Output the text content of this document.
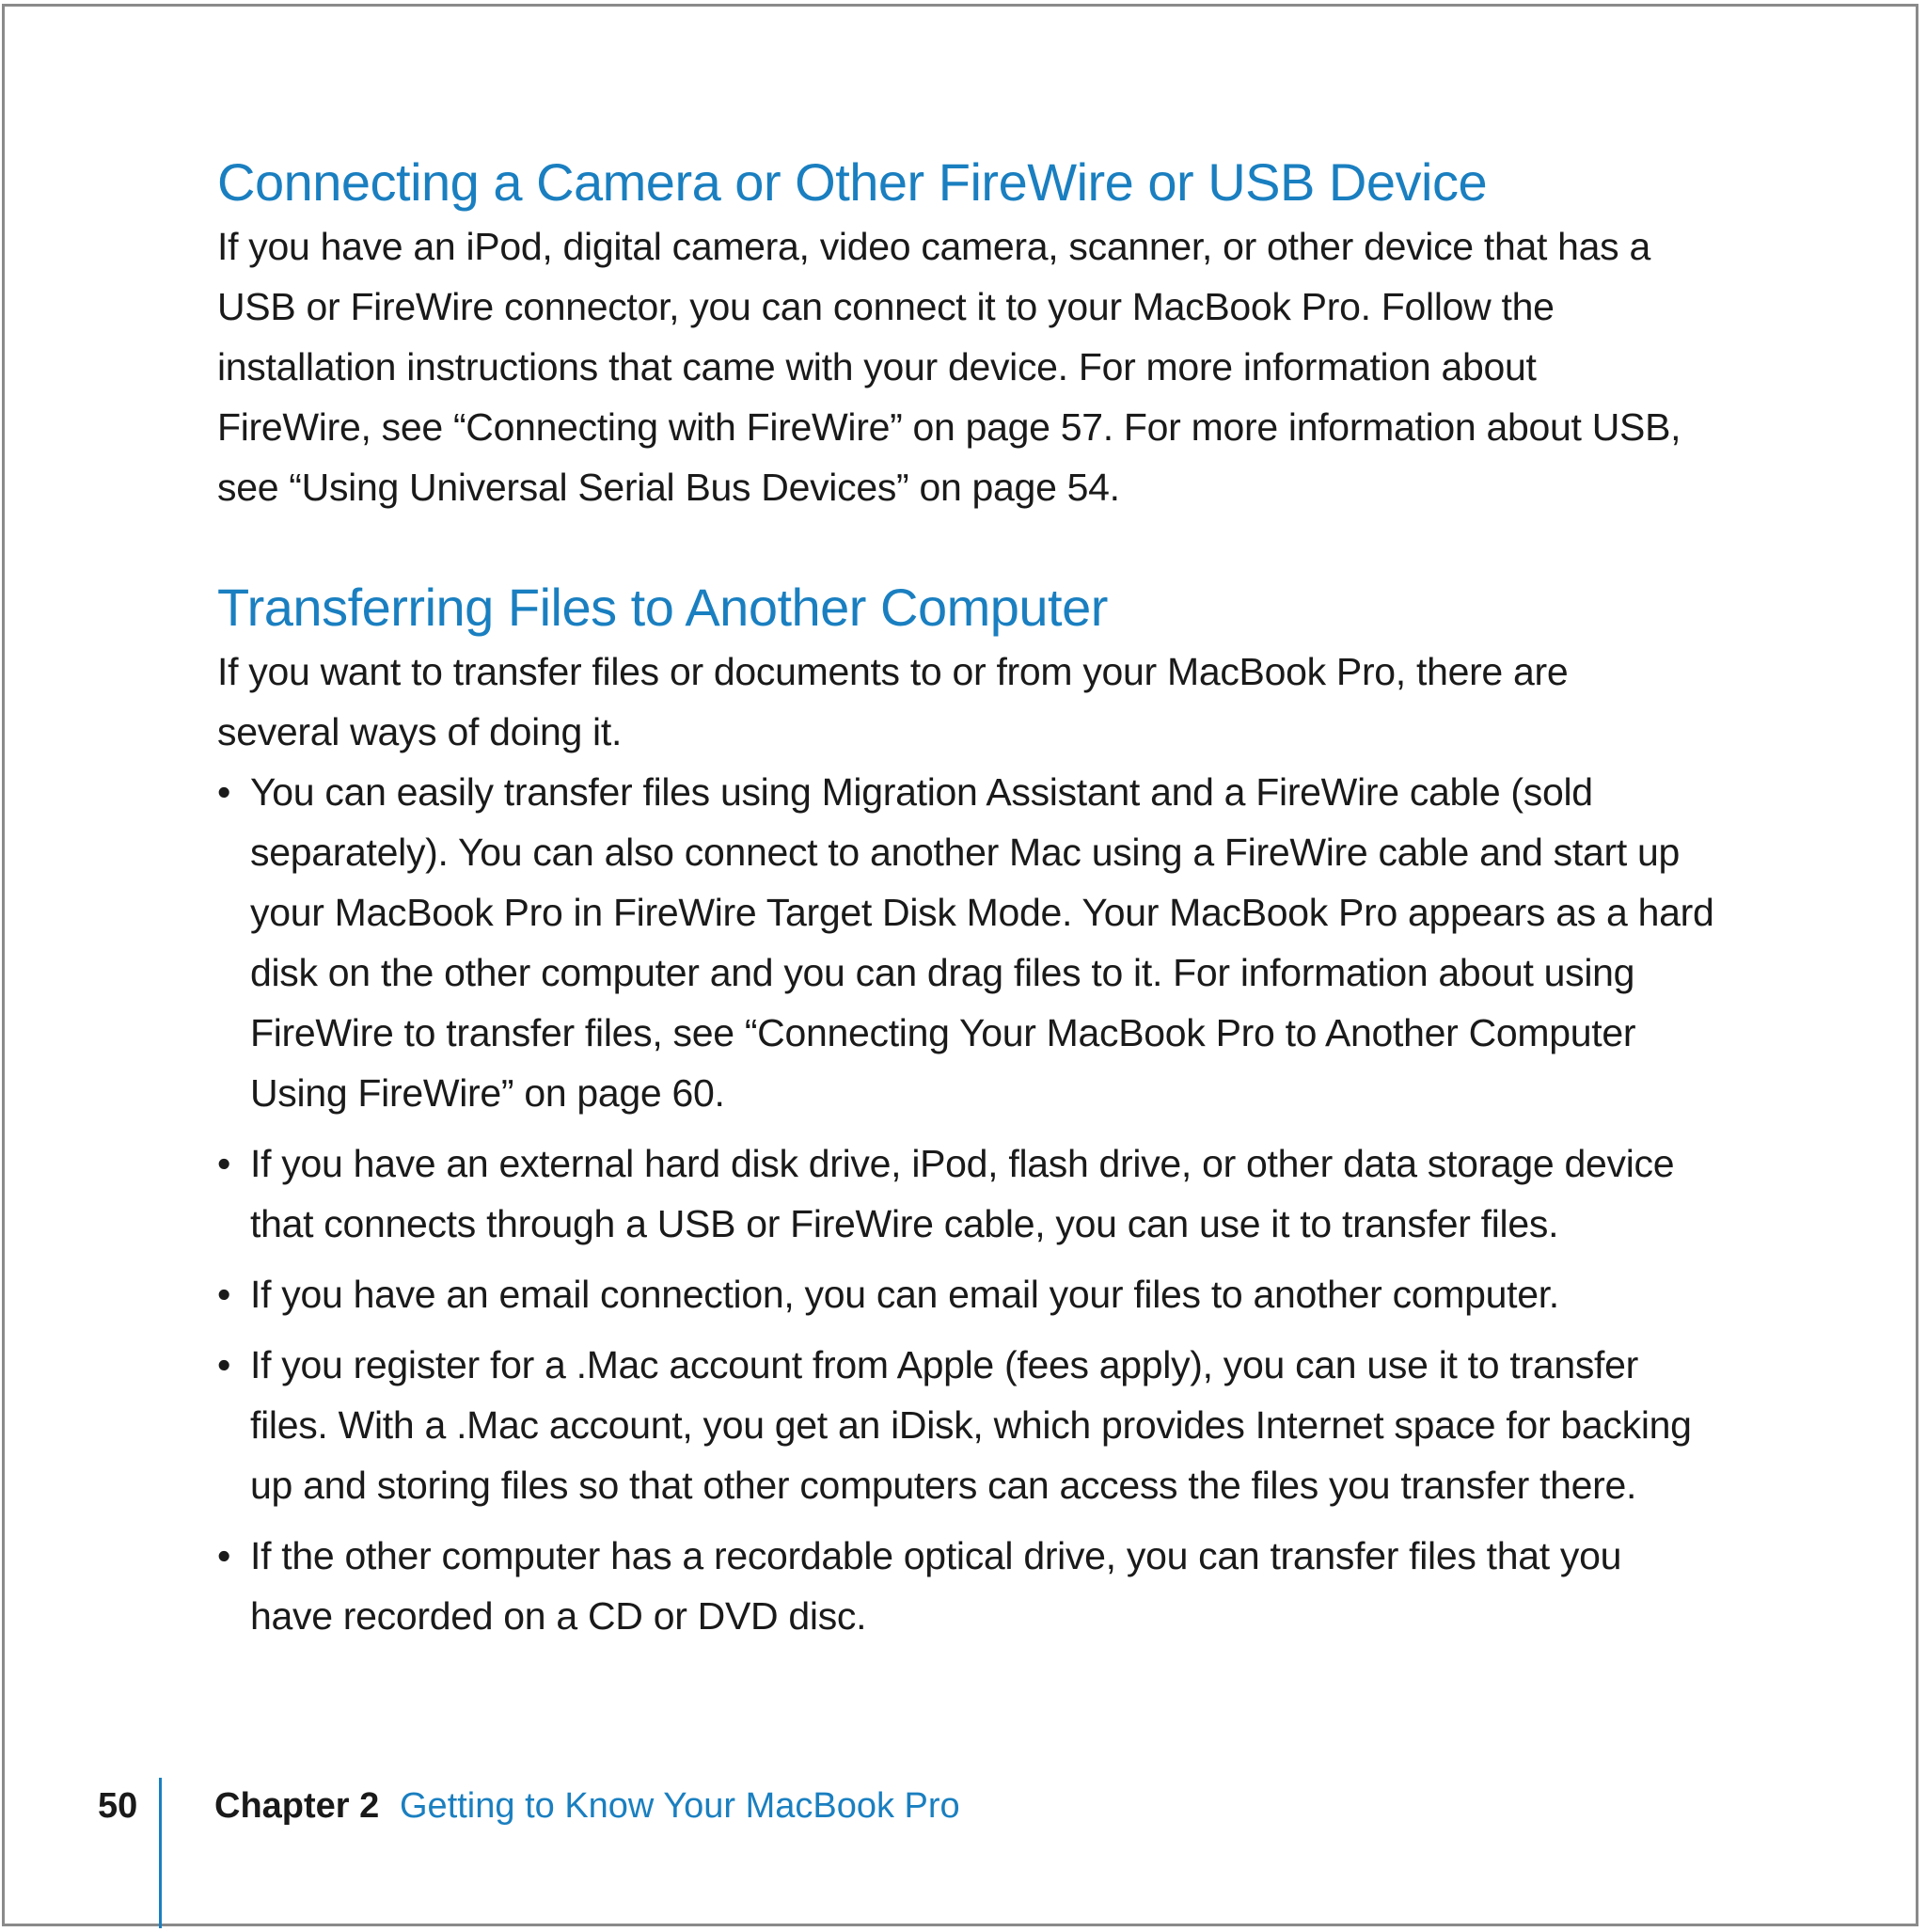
Connecting a Camera or Other FireWire or USB Device

If you have an iPod, digital camera, video camera, scanner, or other device that has a
USB or FireWire connector, you can connect it to your MacBook Pro. Follow the
installation instructions that came with your device. For more information about
FireWire, see “Connecting with FireWire” on page 57. For more information about USB,
see “Using Universal Serial Bus Devices” on page 54.

Transferring Files to Another Computer

If you want to transfer files or documents to or from your MacBook Pro, there are
several ways of doing it.

• You can easily transfer files using Migration Assistant and a FireWire cable (sold
separately). You can also connect to another Mac using a FireWire cable and start up
your MacBook Pro in FireWire Target Disk Mode. Your MacBook Pro appears as a hard
disk on the other computer and you can drag files to it. For information about using
FireWire to transfer files, see “Connecting Your MacBook Pro to Another Computer
Using FireWire” on page 60.
• If you have an external hard disk drive, iPod, flash drive, or other data storage device
that connects through a USB or FireWire cable, you can use it to transfer files.
• If you have an email connection, you can email your files to another computer.
• If you register for a .Mac account from Apple (fees apply), you can use it to transfer
files. With a .Mac account, you get an iDisk, which provides Internet space for backing
up and storing files so that other computers can access the files you transfer there.
• If the other computer has a recordable optical drive, you can transfer files that you
have recorded on a CD or DVD disc.
50 Chapter 2 Getting to Know Your MacBook Pro
